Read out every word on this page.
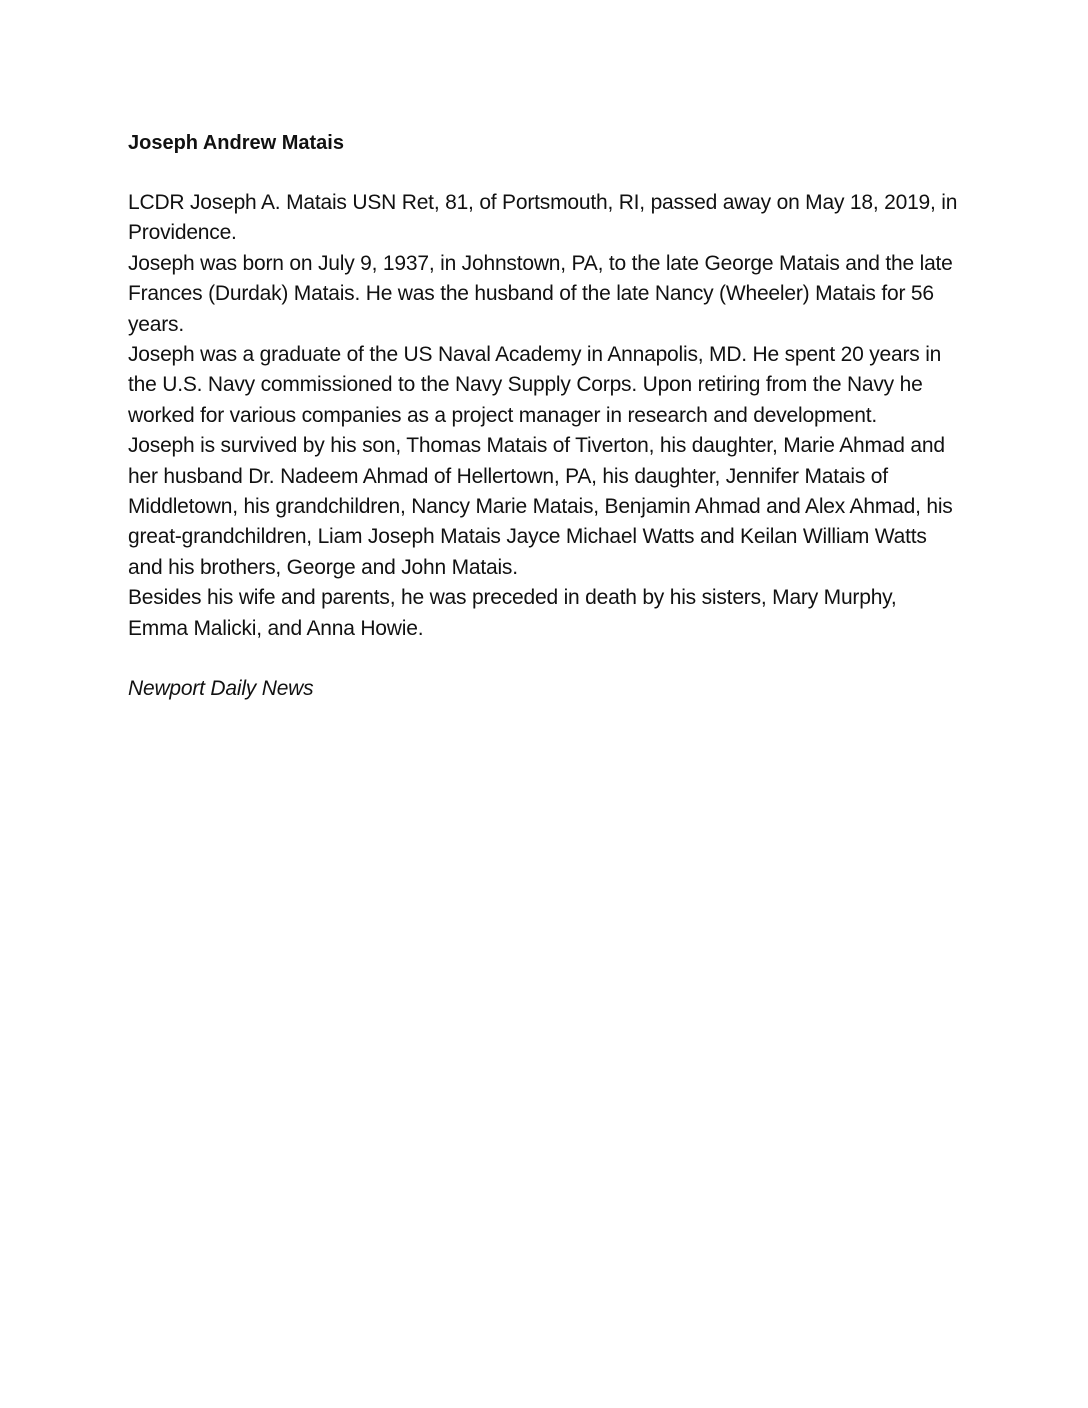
Joseph Andrew Matais

LCDR Joseph A. Matais USN Ret, 81, of Portsmouth, RI, passed away on May 18, 2019, in Providence.

Joseph was born on July 9, 1937, in Johnstown, PA, to the late George Matais and the late Frances (Durdak) Matais. He was the husband of the late Nancy (Wheeler) Matais for 56 years.

Joseph was a graduate of the US Naval Academy in Annapolis, MD. He spent 20 years in the U.S. Navy commissioned to the Navy Supply Corps. Upon retiring from the Navy he worked for various companies as a project manager in research and development.

Joseph is survived by his son, Thomas Matais of Tiverton, his daughter, Marie Ahmad and her husband Dr. Nadeem Ahmad of Hellertown, PA, his daughter, Jennifer Matais of Middletown, his grandchildren, Nancy Marie Matais, Benjamin Ahmad and Alex Ahmad, his great-grandchildren, Liam Joseph Matais Jayce Michael Watts and Keilan William Watts and his brothers, George and John Matais.

Besides his wife and parents, he was preceded in death by his sisters, Mary Murphy, Emma Malicki, and Anna Howie.

Newport Daily News
